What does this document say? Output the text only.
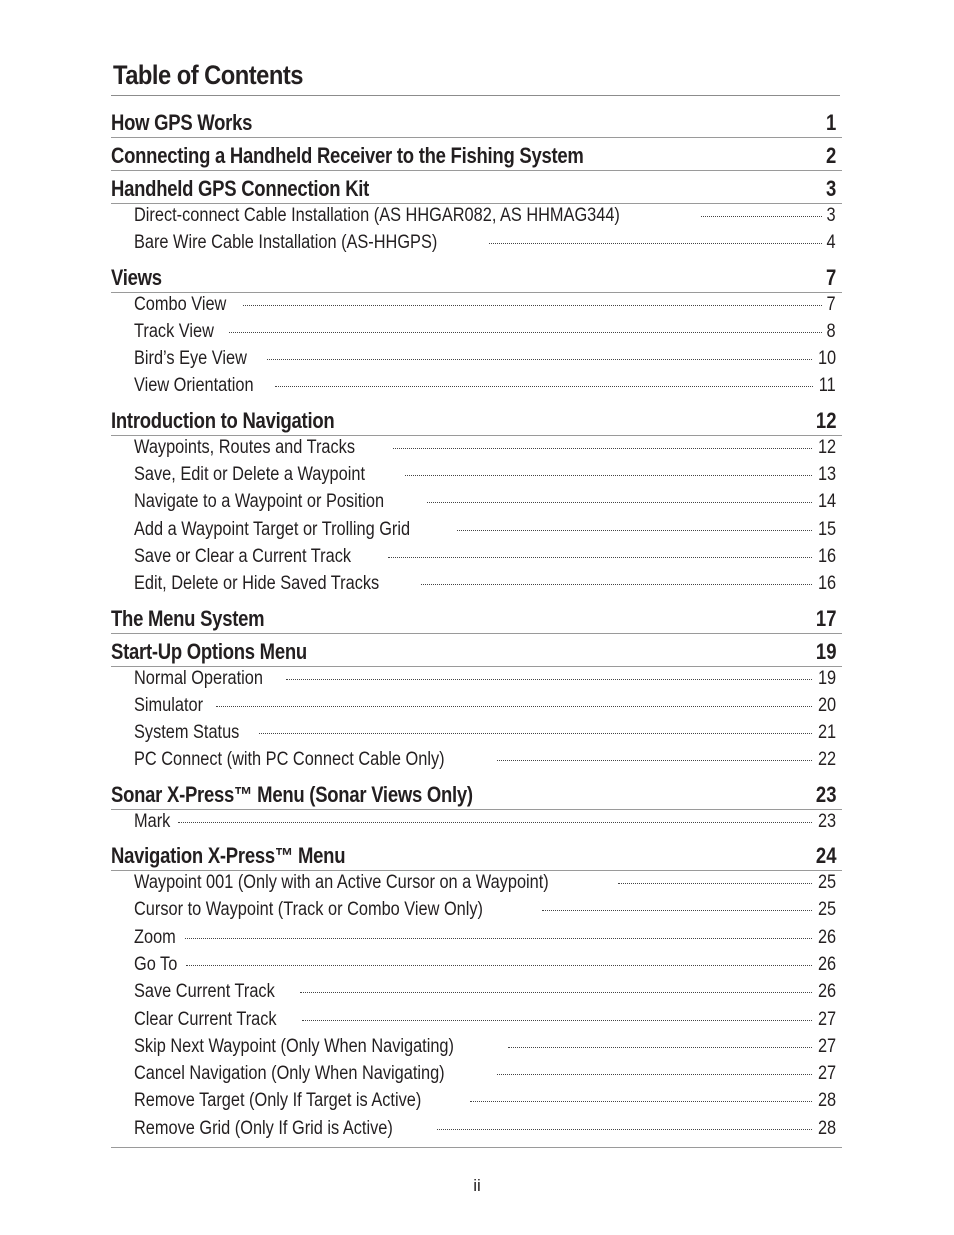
Table of Contents
How GPS Works	1
Connecting a Handheld Receiver to the Fishing System	2
Handheld GPS Connection Kit	3
Direct-connect Cable Installation (AS HHGAR082, AS HHMAG344)	3
Bare Wire Cable Installation (AS-HHGPS)	4
Views	7
Combo View	7
Track View	8
Bird’s Eye View	10
View Orientation	11
Introduction to Navigation	12
Waypoints, Routes and Tracks	12
Save, Edit or Delete a Waypoint	13
Navigate to a Waypoint or Position	14
Add a Waypoint Target or Trolling Grid	15
Save or Clear a Current Track	16
Edit, Delete or Hide Saved Tracks	16
The Menu System	17
Start-Up Options Menu	19
Normal Operation	19
Simulator	20
System Status	21
PC Connect (with PC Connect Cable Only)	22
Sonar X-Press™ Menu (Sonar Views Only)	23
Mark	23
Navigation X-Press™ Menu	24
Waypoint 001 (Only with an Active Cursor on a Waypoint)	25
Cursor to Waypoint (Track or Combo View Only)	25
Zoom	26
Go To	26
Save Current Track	26
Clear Current Track	27
Skip Next Waypoint (Only When Navigating)	27
Cancel Navigation (Only When Navigating)	27
Remove Target (Only If Target is Active)	28
Remove Grid (Only If Grid is Active)	28
ii
